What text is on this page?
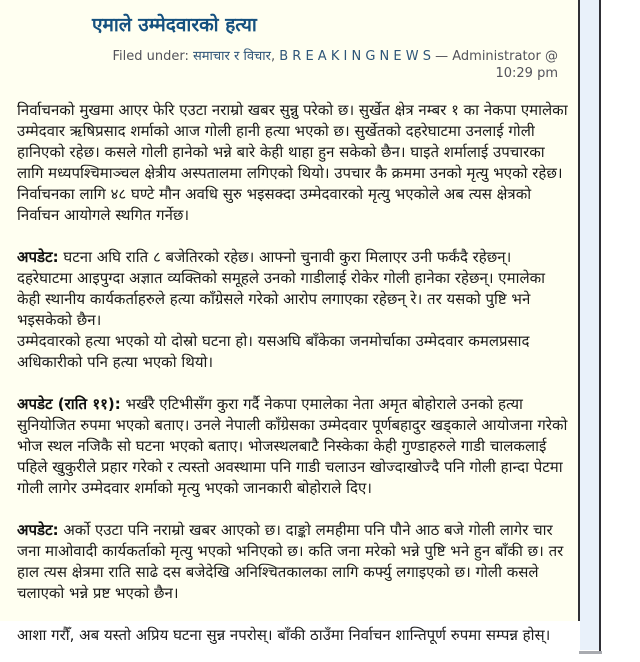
एमाले उम्मेदवारको हत्या
Filed under: समाचार र विचार, B R E A K I N G N E W S — Administrator @ 10:29 pm

निर्वाचनको मुखमा आएर फेरि एउटा नराम्रो खबर सुन्नु परेको छ। सुर्खेत क्षेत्र नम्बर १ का नेकपा एमालेका उम्मेदवार ऋषिप्रसाद शर्माको आज गोली हानी हत्या भएको छ। सुर्खेतको दहरेघाटमा उनलाई गोली हानिएको रहेछ। कसले गोली हानेको भन्ने बारे केही थाहा हुन सकेको छैन। घाइते शर्मालाई उपचारका लागि मध्यपश्चिमाञ्चल क्षेत्रीय अस्पतालमा लगिएको थियो। उपचार कै क्रममा उनको मृत्यु भएको रहेछ। निर्वाचनका लागि ४८ घण्टे मौन अवधि सुरु भइसक्दा उम्मेदवारको मृत्यु भएकोले अब त्यस क्षेत्रको निर्वाचन आयोगले स्थगित गर्नेछ।

अपडेट: घटना अघि राति ८ बजेतिरको रहेछ। आफ्नो चुनावी कुरा मिलाएर उनी फर्कंदै रहेछन्। दहरेघाटमा आइपुग्दा अज्ञात व्यक्तिको समूहले उनको गाडीलाई रोकेर गोली हानेका रहेछन्। एमालेका केही स्थानीय कार्यकर्ताहरुले हत्या काँग्रेसले गरेको आरोप लगाएका रहेछन् रे। तर यसको पुष्टि भने भइसकेको छैन।

उम्मेदवारको हत्या भएको यो दोस्रो घटना हो। यसअघि बाँकेका जनमोर्चाका उम्मेदवार कमलप्रसाद अधिकारीको पनि हत्या भएको थियो।

अपडेट (राति ११): भर्खरै एटिभीसँग कुरा गर्दै नेकपा एमालेका नेता अमृत बोहोराले उनको हत्या सुनियोजित रुपमा भएको बताए। उनले नेपाली काँग्रेसका उम्मेदवार पूर्णबहादुर खड्काले आयोजना गरेको भोज स्थल नजिकै सो घटना भएको बताए। भोजस्थलबाटै निस्केका केही गुण्डाहरुले गाडी चालकलाई पहिले खुकुरीले प्रहार गरेको र त्यस्तो अवस्थामा पनि गाडी चलाउन खोज्दाखोज्दै पनि गोली हान्दा पेटमा गोली लागेर उम्मेदवार शर्माको मृत्यु भएको जानकारी बोहोराले दिए।

अपडेट: अर्को एउटा पनि नराम्रो खबर आएको छ। दाङ्को लमहीमा पनि पौने आठ बजे गोली लागेर चार जना माओवादी कार्यकर्ताको मृत्यु भएको भनिएको छ। कति जना मरेको भन्ने पुष्टि भने हुन बाँकी छ। तर हाल त्यस क्षेत्रमा राति साढे दस बजेदेखि अनिश्चितकालका लागि कर्फ्यु लगाइएको छ। गोली कसले चलाएको भन्ने प्रष्ट भएको छैन।

आशा गरौँ, अब यस्तो अप्रिय घटना सुन्न नपरोस्। बाँकी ठाउँमा निर्वाचन शान्तिपूर्ण रुपमा सम्पन्न होस्।
